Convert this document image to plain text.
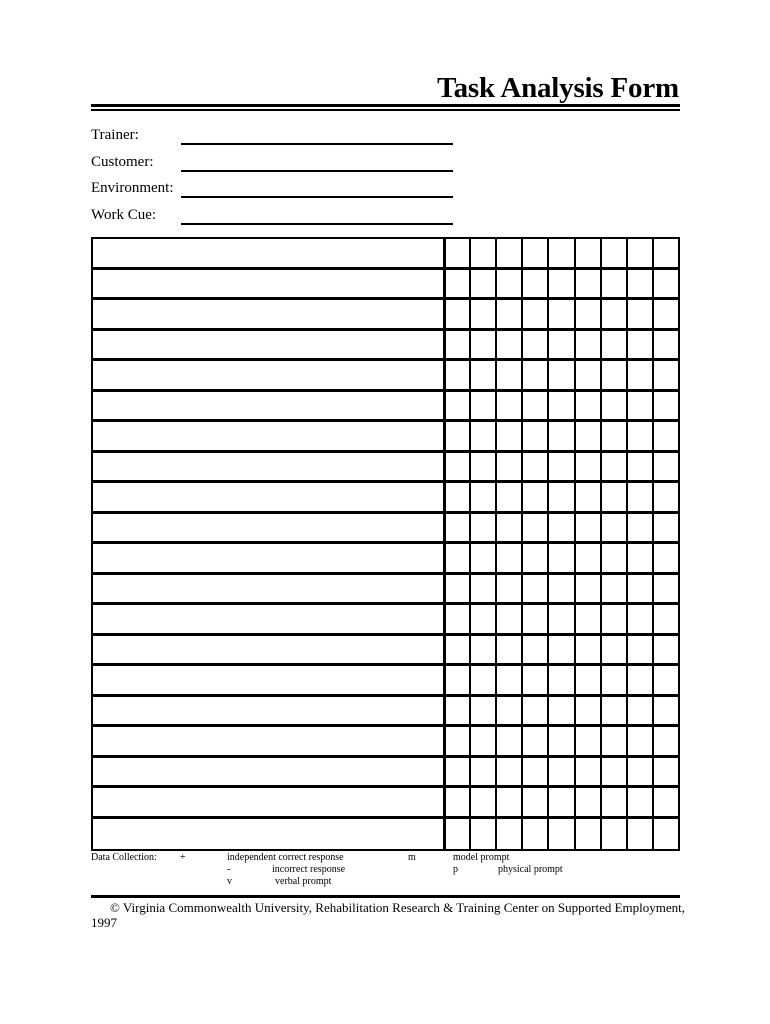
Task Analysis Form
Trainer:
Customer:
Environment:
Work Cue:
Data Collection: +	independent correct response
-	incorrect response
v	verbal prompt
m	model prompt
p	physical prompt
© Virginia Commonwealth University, Rehabilitation Research & Training Center on Supported Employment, 1997
